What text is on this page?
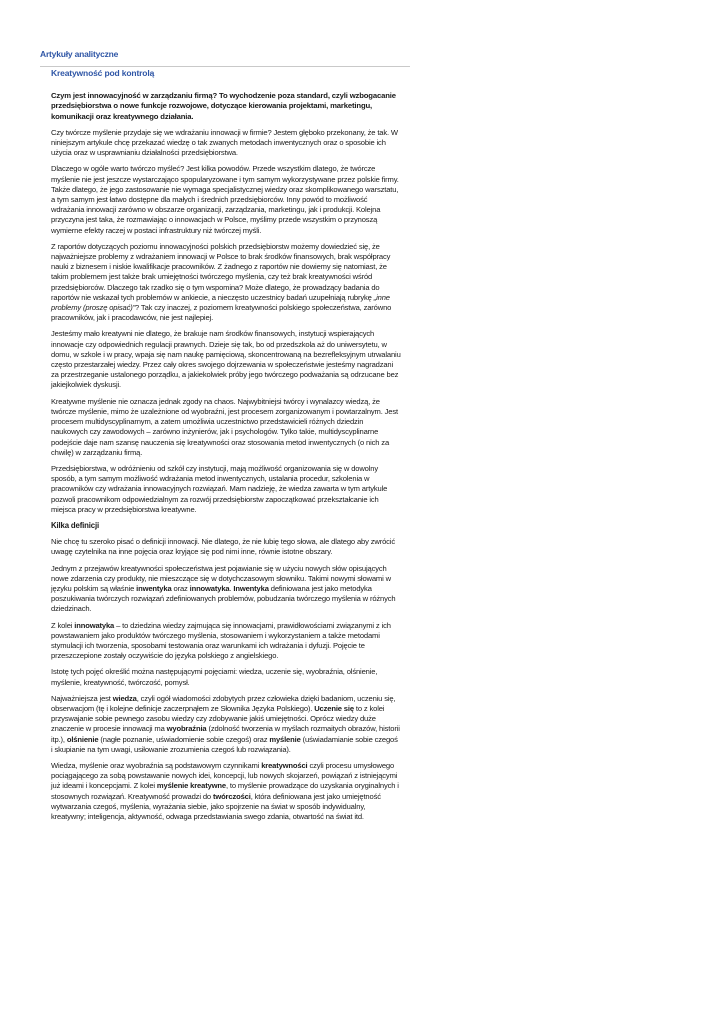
Artykuły analityczne
Kreatywność pod kontrolą

Czym jest innowacyjność w zarządzaniu firmą? To wychodzenie poza standard, czyli wzbogacanie przedsiębiorstwa o nowe funkcje rozwojowe, dotyczące kierowania projektami, marketingu, komunikacji oraz kreatywnego działania.

Czy twórcze myślenie przydaje się we wdrażaniu innowacji w firmie? Jestem głęboko przekonany, że tak. W niniejszym artykule chcę przekazać wiedzę o tak zwanych metodach inwentycznych oraz o sposobie ich użycia oraz w usprawnianiu działalności przedsiębiorstwa.

Dlaczego w ogóle warto twórczo myśleć? Jest kilka powodów. Przede wszystkim dlatego, że twórcze myślenie nie jest jeszcze wystarczająco spopularyzowane i tym samym wykorzystywane przez polskie firmy. Także dlatego, że jego zastosowanie nie wymaga specjalistycznej wiedzy oraz skomplikowanego warsztatu, a tym samym jest łatwo dostępne dla małych i średnich przedsiębiorców. Inny powód to możliwość wdrażania innowacji zarówno w obszarze organizacji, zarządzania, marketingu, jak i produkcji. Kolejna przyczyna jest taka, że rozmawiając o innowacjach w Polsce, myślimy przede wszystkim o przynoszą wymierne efekty raczej w postaci infrastruktury niż twórczej myśli.

Z raportów dotyczących poziomu innowacyjności polskich przedsiębiorstw możemy dowiedzieć się, że najważniejsze problemy z wdrażaniem innowacji w Polsce to brak środków finansowych, brak współpracy nauki z biznesem i niskie kwalifikacje pracowników. Z żadnego z raportów nie dowiemy się natomiast, że takim problemem jest także brak umiejętności twórczego myślenia, czy też brak kreatywności wśród przedsiębiorców. Dlaczego tak rzadko się o tym wspomina? Może dlatego, że prowadzący badania do raportów nie wskazał tych problemów w ankiecie, a nieczęsto uczestnicy badań uzupełniają rubrykę „inne problemy (proszę opisać)”? Tak czy inaczej, z poziomem kreatywności polskiego społeczeństwa, zarówno pracowników, jak i pracodawców, nie jest najlepiej.

Jesteśmy mało kreatywni nie dlatego, że brakuje nam środków finansowych, instytucji wspierających innowacje czy odpowiednich regulacji prawnych. Dzieje się tak, bo od przedszkola aż do uniwersytetu, w domu, w szkole i w pracy, wpaja się nam naukę pamięciową, skoncentrowaną na bezrefleksyjnym utrwalaniu często przestarzałej wiedzy. Przez cały okres swojego dojrzewania w społeczeństwie jesteśmy nagradzani za przestrzeganie ustalonego porządku, a jakiekolwiek próby jego twórczego podważania są odrzucane bez jakiejkolwiek dyskusji.

Kreatywne myślenie nie oznacza jednak zgody na chaos. Najwybitniejsi twórcy i wynalazcy wiedzą, że twórcze myślenie, mimo że uzależnione od wyobraźni, jest procesem zorganizowanym i powtarzalnym. Jest procesem multidyscyplinarnym, a zatem umożliwia uczestnictwo przedstawicieli różnych dziedzin naukowych czy zawodowych – zarówno inżynierów, jak i psychologów. Tylko takie, multidyscyplinarne podejście daje nam szansę nauczenia się kreatywności oraz stosowania metod inwentycznych (o nich za chwilę) w zarządzaniu firmą.

Przedsiębiorstwa, w odróżnieniu od szkół czy instytucji, mają możliwość organizowania się w dowolny sposób, a tym samym możliwość wdrażania metod inwentycznych, ustalania procedur, szkolenia w pracowników czy wdrażania innowacyjnych rozwiązań. Mam nadzieję, że wiedza zawarta w tym artykule pozwoli pracownikom odpowiedzialnym za rozwój przedsiębiorstw zapoczątkować przekształcanie ich miejsca pracy w przedsiębiorstwa kreatywne.

Kilka definicji

Nie chcę tu szeroko pisać o definicji innowacji. Nie dlatego, że nie lubię tego słowa, ale dlatego aby zwrócić uwagę czytelnika na inne pojęcia oraz kryjące się pod nimi inne, równie istotne obszary.

Jednym z przejawów kreatywności społeczeństwa jest pojawianie się w użyciu nowych słów opisujących nowe zdarzenia czy produkty, nie mieszczące się w dotychczasowym słowniku. Takimi nowymi słowami w języku polskim są właśnie inwentyka oraz innowatyka. Inwentyka definiowana jest jako metodyka poszukiwania twórczych rozwiązań zdefiniowanych problemów, pobudzania twórczego myślenia w różnych dziedzinach.

Z kolei innowatyka – to dziedzina wiedzy zajmująca się innowacjami, prawidłowościami związanymi z ich powstawaniem jako produktów twórczego myślenia, stosowaniem i wykorzystaniem a także metodami stymulacji ich tworzenia, sposobami testowania oraz warunkami ich wdrażania i dyfuzji. Pojęcie te przeszczepione zostały oczywiście do języka polskiego z angielskiego.

Istotę tych pojęć określić można następującymi pojęciami: wiedza, uczenie się, wyobraźnia, olśnienie, myślenie, kreatywność, twórczość, pomysł.

Najważniejsza jest wiedza, czyli ogół wiadomości zdobytych przez człowieka dzięki badaniom, uczeniu się, obserwacjom (tę i kolejne definicje zaczerpnąłem ze Słownika Języka Polskiego). Uczenie się to z kolei przyswajanie sobie pewnego zasobu wiedzy czy zdobywanie jakiś umiejętności. Oprócz wiedzy duże znaczenie w procesie innowacji ma wyobraźnia (zdolność tworzenia w myślach rozmaitych obrazów, historii itp.), olśnienie (nagłe poznanie, uświadomienie sobie czegoś) oraz myślenie (uświadamianie sobie czegoś i skupianie na tym uwagi, usiłowanie zrozumienia czegoś lub rozwiązania).

Wiedza, myślenie oraz wyobraźnia są podstawowym czynnikami kreatywności czyli procesu umysłowego pociągającego za sobą powstawanie nowych idei, koncepcji, lub nowych skojarzeń, powiązań z istniejącymi już ideami i koncepcjami. Z kolei myślenie kreatywne, to myślenie prowadzące do uzyskania oryginalnych i stosownych rozwiązań. Kreatywność prowadzi do twórczości, która definiowana jest jako umiejętność wytwarzania czegoś, myślenia, wyrażania siebie, jako spojrzenie na świat w sposób indywidualny, kreatywny; inteligencja, aktywność, odwaga przedstawiania swego zdania, otwartość na świat itd.
